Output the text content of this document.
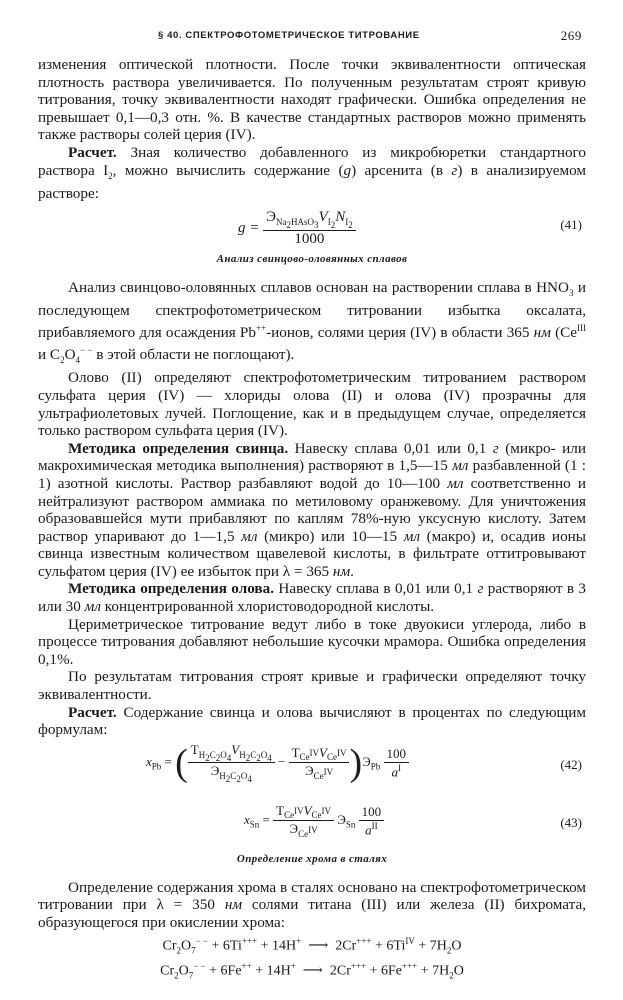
§ 40. СПЕКТРОФОТОМЕТРИЧЕСКОЕ ТИТРОВАНИЕ	269

изменения оптической плотности. После точки эквивалентности оптическая плотность раствора увеличивается. По полученным результатам строят кривую титрования, точку эквивалентности находят графически. Ошибка определения не превышает 0,1—0,3 отн. %. В качестве стандартных растворов можно применять также растворы солей церия (IV).

Расчет. Зная количество добавленного из микробюретки стандартного раствора $I_2$, можно вычислить содержание (g) арсенита (в г) в анализируемом растворе:

$g = \frac{Э_{Na_2HAsO_3}V_{I_2}N_{I_2}}{1000}$	(41)

Анализ свинцово-оловянных сплавов

Анализ свинцово-оловянных сплавов основан на растворении сплава в $HNO_3$ и последующем спектрофотометрическом титровании избытка оксалата, прибавляемого для осаждения Pb++-ионов, солями церия (IV) в области 365 нм ($Ce^{III}$ и $C_2O_4^{- -}$ в этой области не поглощают).

Олово (II) определяют спектрофотометрическим титрованием раствором сульфата церия (IV) — хлориды олова (II) и олова (IV) прозрачны для ультрафиолетовых лучей. Поглощение, как и в предыдущем случае, определяется только раствором сульфата церия (IV).

Методика определения свинца. Навеску сплава 0,01 или 0,1 г (микро- или макрохимическая методика выполнения) растворяют в 1,5—15 мл разбавленной (1 : 1) азотной кислоты. Раствор разбавляют водой до 10—100 мл соответственно и нейтрализуют раствором аммиака по метиловому оранжевому. Для уничтожения образовавшейся мути прибавляют по каплям 78%-ную уксусную кислоту. Затем раствор упаривают до 1—1,5 мл (микро) или 10—15 мл (макро) и, осадив ионы свинца известным количеством щавелевой кислоты, в фильтрате оттитровывают сульфатом церия (IV) ее избыток при λ = 365 нм.

Методика определения олова. Навеску сплава в 0,01 или 0,1 г растворяют в 3 или 30 мл концентрированной хлористоводородной кислоты.

Цериметрическое титрование ведут либо в токе двуокиси углерода, либо в процессе титрования добавляют небольшие кусочки мрамора. Ошибка определения 0,1%.

По результатам титрования строят кривые и графически определяют точку эквивалентности.

Расчет. Содержание свинца и олова вычисляют в процентах по следующим формулам:

$x_{Pb}$ = ( $\frac{T_{H_2C_2O_4}V_{H_2C_2O_4}}{Э_{H_2C_2O_4}} - \frac{T_{Ce^{IV}}V_{Ce^{IV}}}{Э_{Ce^{IV}}} )Э_{Pb} \frac{100}{a^I}$	(42)
$x_{Sn} = \frac{T_{Ce^{IV}}V_{Ce^{IV}}}{Э_{Ce^{IV}}} Э_{Sn} \frac{100}{a^{II}}$	(43)

Определение хрома в сталях

Определение содержания хрома в сталях основано на спектрофотометрическом титровании при λ = 350 нм солями титана (III) или железа (II) бихромата, образующегося при окислении хрома:

$Cr_2O_7^{- -} + 6Ti^{+++} + 14H^+$ ⟶  $2Cr^{+++} + 6Ti^{IV} + 7H_2O$

$Cr_2O_7^{- -} + 6Fe^{++} + 14H^+$ ⟶  $2Cr^{+++} + 6Fe^{+++} + 7H_2O$
